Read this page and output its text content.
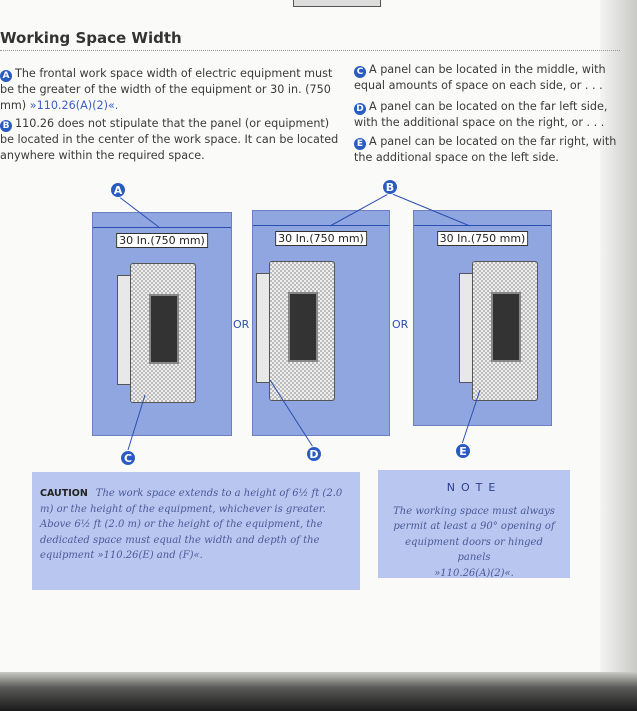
Working Space Width
A The frontal work space width of electric equipment must be the greater of the width of the equipment or 30 in. (750 mm) »110.26(A)(2)«.
B 110.26 does not stipulate that the panel (or equipment) be located in the center of the work space. It can be located anywhere within the required space.
C A panel can be located in the middle, with equal amounts of space on each side, or . . .
D A panel can be located on the far left side, with the additional space on the right, or . . .
E A panel can be located on the far right, with the additional space on the left side.
30 In.(750 mm)
OR
30 In.(750 mm)
OR
30 In.(750 mm)
A	B
C	D	E
CAUTION The work space extends to a height of 6½ ft (2.0 m) or the height of the equipment, whichever is greater. Above 6½ ft (2.0 m) or the height of the equipment, the dedicated space must equal the width and depth of the equipment »110.26(E) and (F)«.
NOTE
The working space must always permit at least a 90° opening of equipment doors or hinged panels
»110.26(A)(2)«.
